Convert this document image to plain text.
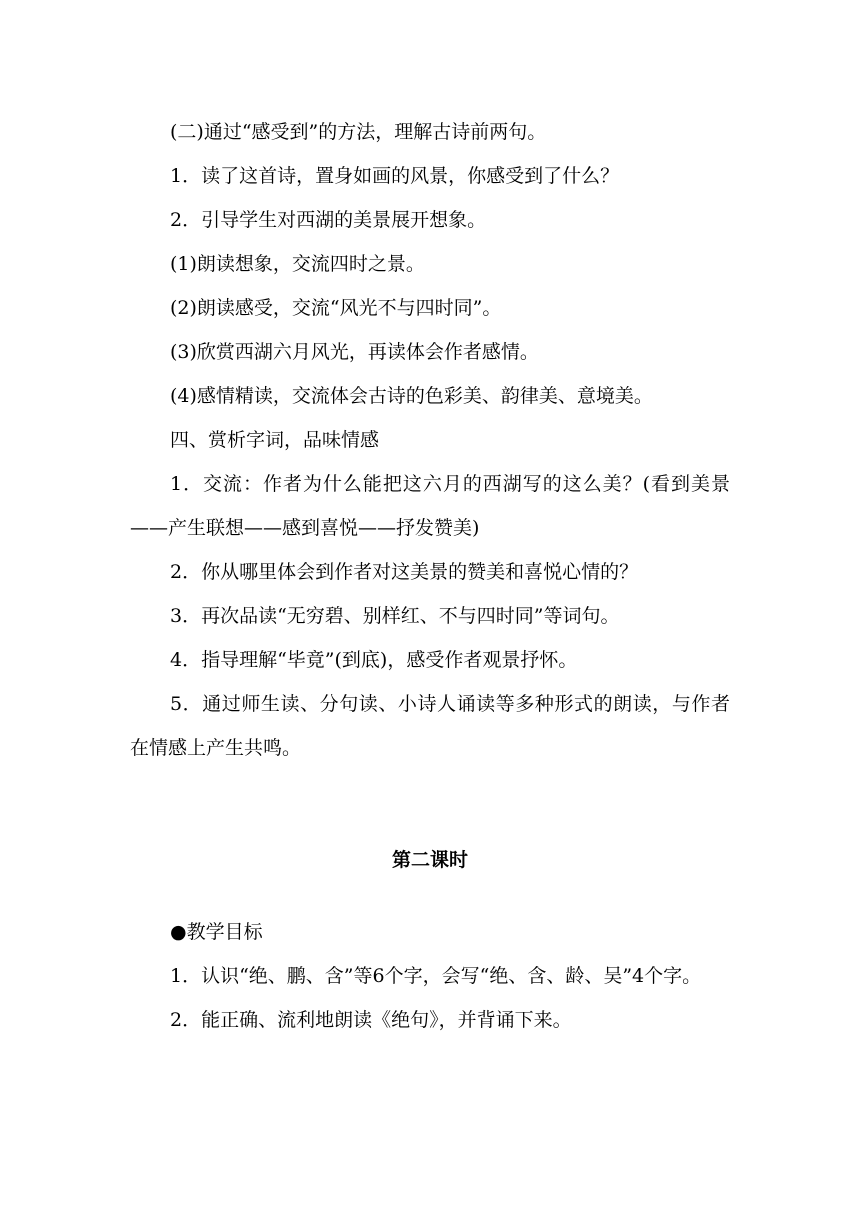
(二)通过“感受到”的方法，理解古诗前两句。

1．读了这首诗，置身如画的风景，你感受到了什么？

2．引导学生对西湖的美景展开想象。

(1)朗读想象，交流四时之景。

(2)朗读感受，交流“风光不与四时同”。

(3)欣赏西湖六月风光，再读体会作者感情。

(4)感情精读，交流体会古诗的色彩美、韵律美、意境美。

四、赏析字词，品味情感

1．交流：作者为什么能把这六月的西湖写的这么美？(看到美景——产生联想——感到喜悦——抒发赞美)

2．你从哪里体会到作者对这美景的赞美和喜悦心情的？

3．再次品读“无穷碧、别样红、不与四时同”等词句。

4．指导理解“毕竟”(到底)，感受作者观景抒怀。

5．通过师生读、分句读、小诗人诵读等多种形式的朗读，与作者在情感上产生共鸣。

第二课时

●教学目标

1．认识“绝、鹏、含”等6个字，会写“绝、含、龄、吴”4个字。

2．能正确、流利地朗读《绝句》，并背诵下来。
